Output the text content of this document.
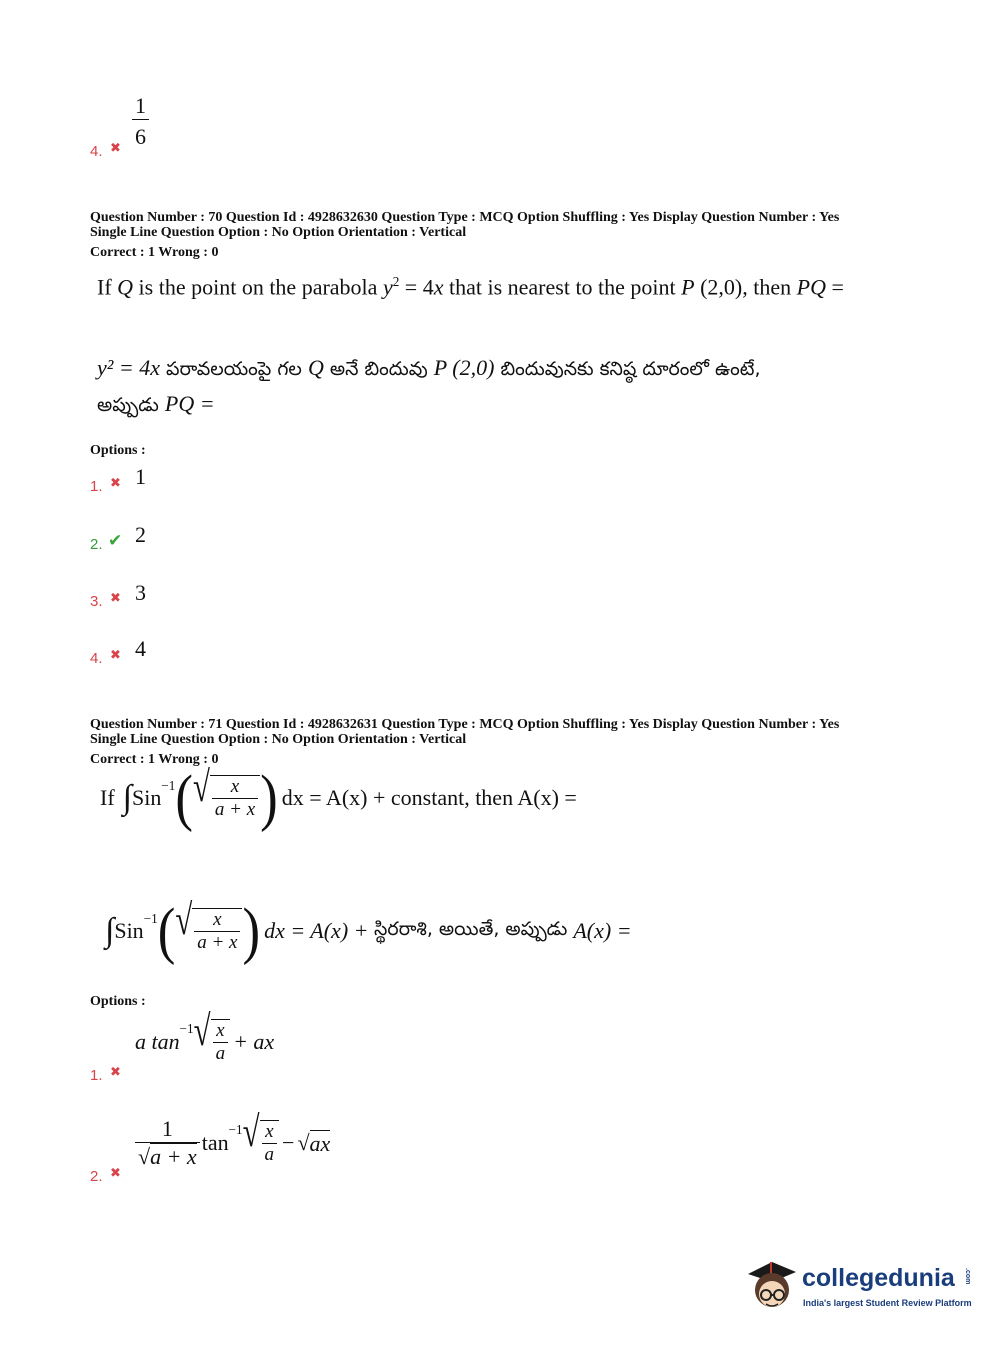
4. ✖ $\frac{1}{6}$
Question Number : 70 Question Id : 4928632630 Question Type : MCQ Option Shuffling : Yes Display Question Number : Yes
Single Line Question Option : No Option Orientation : Vertical
Correct : 1 Wrong : 0
If Q is the point on the parabola $y^2 = 4x$ that is nearest to the point P (2,0), then PQ =
y² = 4x పరావలయంపై గల Q అనే బిందువు P (2,0) బిందువునకు కనిష్ఠ దూరంలో ఉంటే,
అప్పుడు PQ =
Options :
1. ✖ 1
2. ✔ 2
3. ✖ 3
4. ✖ 4
Question Number : 71 Question Id : 4928632631 Question Type : MCQ Option Shuffling : Yes Display Question Number : Yes
Single Line Question Option : No Option Orientation : Vertical
Correct : 1 Wrong : 0
If ∫ Sin$^{-1}$ ( √ $\frac{x}{a + x}$ ) dx = A(x) + constant, then A(x) =
∫ Sin$^{-1}$ ( √ $\frac{x}{a + x}$ ) dx = A(x) + స్థిరరాశి, అయితే, అప్పుడు A(x) =
Options :
1. ✖
a tan
$^{-1}$ √ $\frac{x}{a}$ + ax
2. ✖
$\frac{1}{√ a + x}$ tan
$^{-1}$ √ $\frac{x}{a}$ − √ ax
collegedunia .com
India's largest Student Review Platform
